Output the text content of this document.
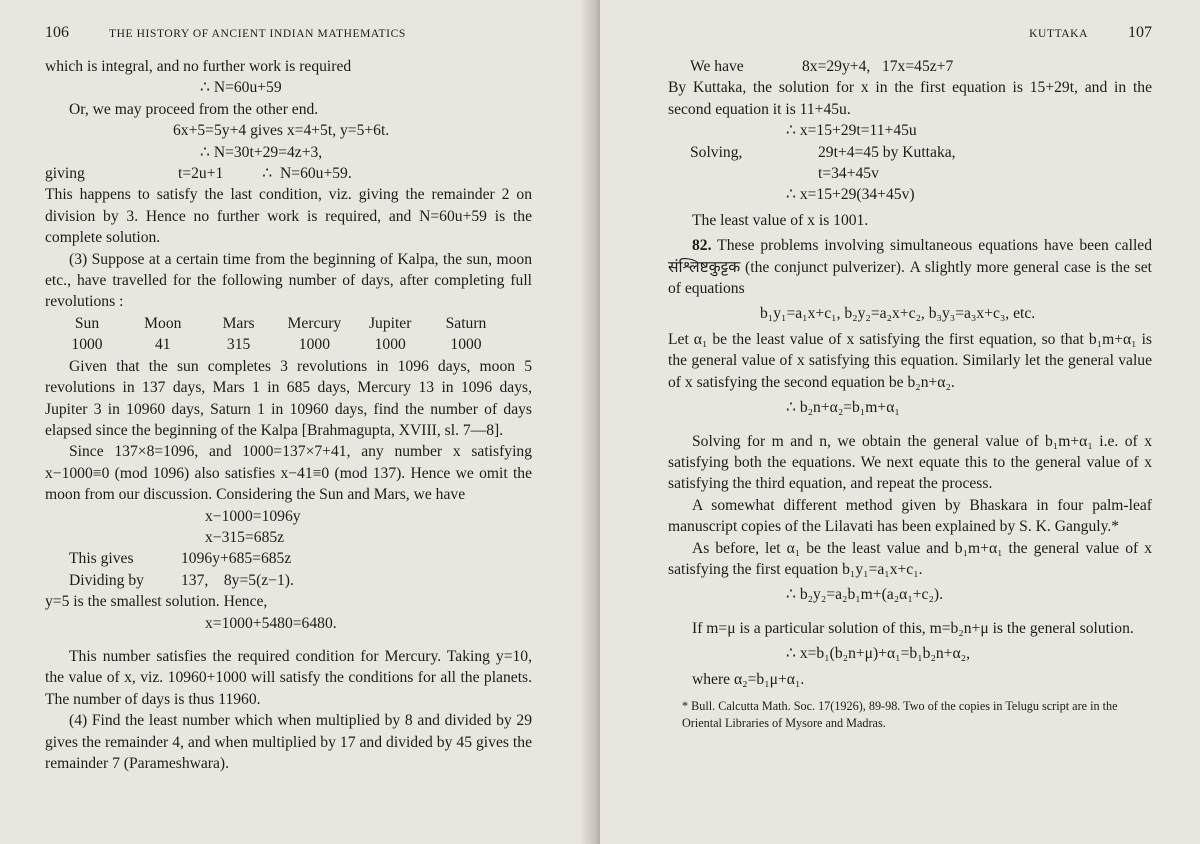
106	THE HISTORY OF ANCIENT INDIAN MATHEMATICS

which is integral, and no further work is required

∴ N=60u+59

Or, we may proceed from the other end.

6x+5=5y+4 gives x=4+5t, y=5+6t.
∴ N=30t+29=4z+3,
giving	t=2u+1          ∴  N=60u+59.

This happens to satisfy the last condition, viz. giving the remainder 2 on division by 3. Hence no further work is required, and N=60u+59 is the complete solution.

(3) Suppose at a certain time from the beginning of Kalpa, the sun, moon etc., have travelled for the following number of days, after completing full revolutions :

Sun	Moon	Mars	Mercury	Jupiter	Saturn
1000	41	315	1000	1000	1000

Given that the sun completes 3 revolutions in 1096 days, moon 5 revolutions in 137 days, Mars 1 in 685 days, Mercury 13 in 1096 days, Jupiter 3 in 10960 days, Saturn 1 in 10960 days, find the number of days elapsed since the beginning of the Kalpa [Brahmagupta, XVIII, sl. 7—8].

Since 137×8=1096, and 1000=137×7+41, any number x satisfying x−1000≡0 (mod 1096) also satisfies x−41≡0 (mod 137). Hence we omit the moon from our discussion. Considering the Sun and Mars, we have

x−1000=1096y
x−315=685z
This gives	1096y+685=685z
Dividing by	137,    8y=5(z−1).

y=5 is the smallest solution. Hence,

x=1000+5480=6480.

This number satisfies the required condition for Mercury. Taking y=10, the value of x, viz. 10960+1000 will satisfy the conditions for all the planets. The number of days is thus 11960.

(4) Find the least number which when multiplied by 8 and divided by 29 gives the remainder 4, and when multiplied by 17 and divided by 45 gives the remainder 7 (Parameshwara).

KUTTAKA	107
We have	8x=29y+4,   17x=45z+7

By Kuttaka, the solution for x in the first equation is 15+29t, and in the second equation it is 11+45u.

∴ x=15+29t=11+45u
Solving,	29t+4=45 by Kuttaka,
t=34+45v
∴ x=15+29(34+45v)

The least value of x is 1001.

82. These problems involving simultaneous equations have been called संश्लिष्टकुट्टक (the conjunct pulverizer). A slightly more general case is the set of equations

b₁y₁=a₁x+c₁, b₂y₂=a₂x+c₂, b₃y₃=a₃x+c₃, etc.

Let α₁ be the least value of x satisfying the first equation, so that b₁m+α₁ is the general value of x satisfying this equation. Similarly let the general value of x satisfying the second equation be b₂n+α₂.

∴ b₂n+α₂=b₁m+α₁

Solving for m and n, we obtain the general value of b₁m+α₁ i.e. of x satisfying both the equations. We next equate this to the general value of x satisfying the third equation, and repeat the process.

A somewhat different method given by Bhaskara in four palm-leaf manuscript copies of the Lilavati has been explained by S. K. Ganguly.*

As before, let α₁ be the least value and b₁m+α₁ the general value of x satisfying the first equation b₁y₁=a₁x+c₁.

∴ b₂y₂=a₂b₁m+(a₂α₁+c₂).

If m=μ is a particular solution of this, m=b₂n+μ is the general solution.

∴ x=b₁(b₂n+μ)+α₁=b₁b₂n+α₂,

where α₂=b₁μ+α₁.

* Bull. Calcutta Math. Soc. 17(1926), 89-98. Two of the copies in Telugu script are in the Oriental Libraries of Mysore and Madras.
